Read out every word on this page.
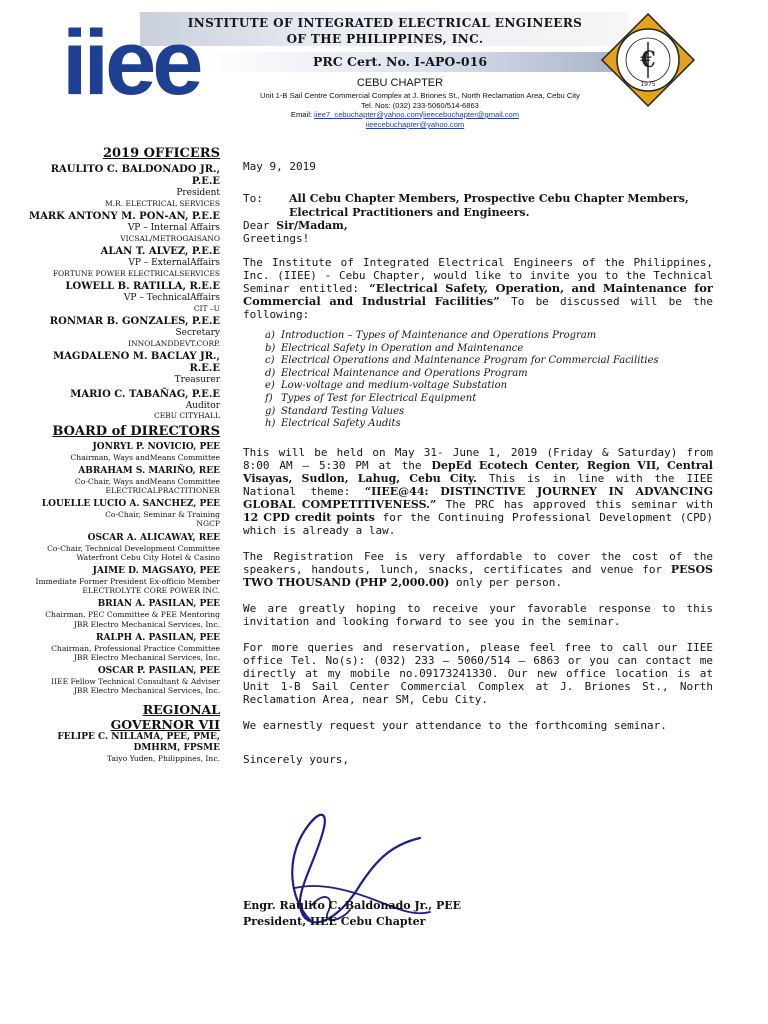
iiee
INSTITUTE OF INTEGRATED ELECTRICAL ENGINEERS
OF THE PHILIPPINES, INC.
PRC Cert. No. I-APO-016
CEBU CHAPTER
Unit 1-B Sail Centre Commercial Complex at J. Briones St., North Reclamation Area, Cebu City
Tel. Nos: (032) 233-5060/514-6863
Email: iiee7_cebuchapter@yahoo.com/iieecebuchapter@gmail.com
iieecebuchapter@yahoo.com
€
1975
2019 OFFICERS
RAULITO C. BALDONADO JR., P.E.E
President
M.R. ELECTRICAL SERVICES
MARK ANTONY M. PON-AN, P.E.E
VP – Internal Affairs
VICSAL/METROGAISANO
ALAN T. ALVEZ, P.E.E
VP – ExternalAffairs
FORTUNE POWER ELECTRICALSERVICES
LOWELL B. RATILLA, R.E.E
VP – TechnicalAffairs
CIT –U
RONMAR B. GONZALES, P.E.E
Secretary
INNOLANDDEVT.CORP.
MAGDALENO M. BACLAY JR., R.E.E
Treasurer
MARIO C. TABAÑAG, P.E.E
Auditor
CEBU CITYHALL
BOARD of DIRECTORS
JONRYL P. NOVICIO, PEE
Chairman, Ways andMeans Committee
ABRAHAM S. MARIÑO, REE
Co-Chair, Ways andMeans Committee
ELECTRICALPRACTITIONER
LOUELLE LUCIO A. SANCHEZ, PEE
Co-Chair, Seminar & Training
NGCP
OSCAR A. ALICAWAY, REE
Co-Chair, Technical Development Committee
Waterfront Cebu City Hotel & Casino
JAIME D. MAGSAYO, PEE
Immediate Former President Ex-officio Member
ELECTROLYTE CORE POWER INC.
BRIAN A. PASILAN, PEE
Chairman, PEC Committee & PEE Mentoring
JBR Electro Mechanical Services, Inc.
RALPH A. PASILAN, PEE
Chairman, Professional Practice Committee
JBR Electro Mechanical Services, Inc.
OSCAR P. PASILAN, PEE
IIEE Fellow Technical Consultant & Adviser
JBR Electro Mechanical Services, Inc.
REGIONAL
GOVERNOR VII
FELIPE C. NILLAMA, PEE, PME, DMHRM, FPSME
Taiyo Yuden, Philippines, Inc.

May 9, 2019

To:	All Cebu Chapter Members, Prospective Cebu Chapter Members, Electrical Practitioners and Engineers.

Dear Sir/Madam,

Greetings!

The Institute of Integrated Electrical Engineers of the Philippines, Inc. (IIEE) - Cebu Chapter, would like to invite you to the Technical Seminar entitled: “Electrical Safety, Operation, and Maintenance for Commercial and Industrial Facilities” To be discussed will be the following:

a) Introduction – Types of Maintenance and Operations Program
b) Electrical Safety in Operation and Maintenance
c) Electrical Operations and Maintenance Program for Commercial Facilities
d) Electrical Maintenance and Operations Program
e) Low-voltage and medium-voltage Substation
f) Types of Test for Electrical Equipment
g) Standard Testing Values
h) Electrical Safety Audits

This will be held on May 31- June 1, 2019 (Friday & Saturday) from 8:00 AM – 5:30 PM at the DepEd Ecotech Center, Region VII, Central Visayas, Sudlon, Lahug, Cebu City. This is in line with the IIEE National theme: “IIEE@44: DISTINCTIVE JOURNEY IN ADVANCING GLOBAL COMPETITIVENESS.” The PRC has approved this seminar with 12 CPD credit points for the Continuing Professional Development (CPD) which is already a law.

The Registration Fee is very affordable to cover the cost of the speakers, handouts, lunch, snacks, certificates and venue for PESOS TWO THOUSAND (PHP 2,000.00) only per person.

We are greatly hoping to receive your favorable response to this invitation and looking forward to see you in the seminar.

For more queries and reservation, please feel free to call our IIEE office Tel. No(s): (032) 233 – 5060/514 – 6863 or you can contact me directly at my mobile no.09173241330. Our new office location is at Unit 1-B Sail Center Commercial Complex at J. Briones St., North Reclamation Area, near SM, Cebu City.

We earnestly request your attendance to the forthcoming seminar.

Sincerely yours,

Engr. Raulito C. Baldonado Jr., PEE
President, IIEE Cebu Chapter
